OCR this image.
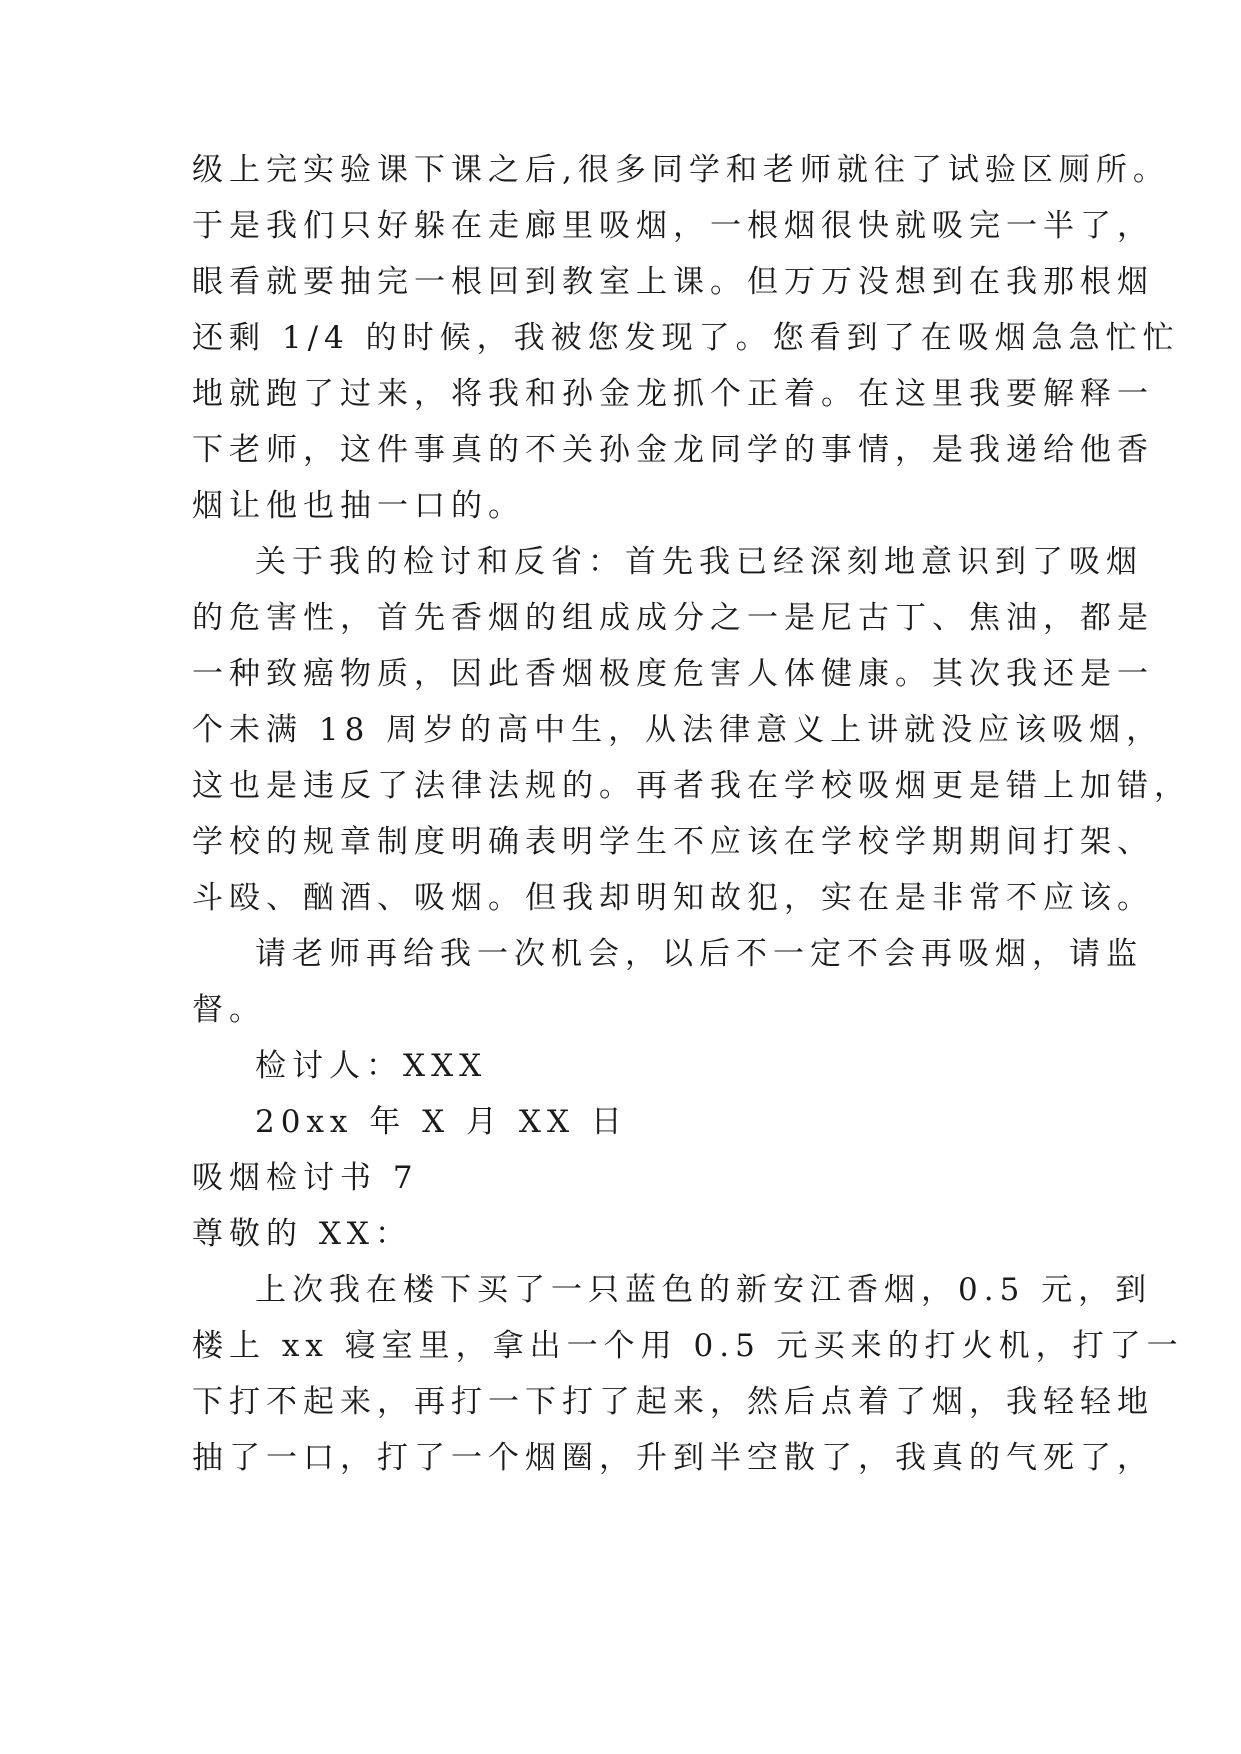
级上完实验课下课之后,很多同学和老师就往了试验区厕所。
于是我们只好躲在走廊里吸烟，一根烟很快就吸完一半了，
眼看就要抽完一根回到教室上课。但万万没想到在我那根烟
还剩 1/4 的时候，我被您发现了。您看到了在吸烟急急忙忙
地就跑了过来，将我和孙金龙抓个正着。在这里我要解释一
下老师，这件事真的不关孙金龙同学的事情，是我递给他香
烟让他也抽一口的。
关于我的检讨和反省：首先我已经深刻地意识到了吸烟
的危害性，首先香烟的组成成分之一是尼古丁、焦油，都是
一种致癌物质，因此香烟极度危害人体健康。其次我还是一
个未满 18 周岁的高中生，从法律意义上讲就没应该吸烟，
这也是违反了法律法规的。再者我在学校吸烟更是错上加错，
学校的规章制度明确表明学生不应该在学校学期期间打架、
斗殴、酗酒、吸烟。但我却明知故犯，实在是非常不应该。
请老师再给我一次机会，以后不一定不会再吸烟，请监
督。
检讨人：XXX
20xx 年 X 月 XX 日
吸烟检讨书 7
尊敬的 XX：
上次我在楼下买了一只蓝色的新安江香烟，0.5 元，到
楼上 xx 寝室里，拿出一个用 0.5 元买来的打火机，打了一
下打不起来，再打一下打了起来，然后点着了烟，我轻轻地
抽了一口，打了一个烟圈，升到半空散了，我真的气死了，
